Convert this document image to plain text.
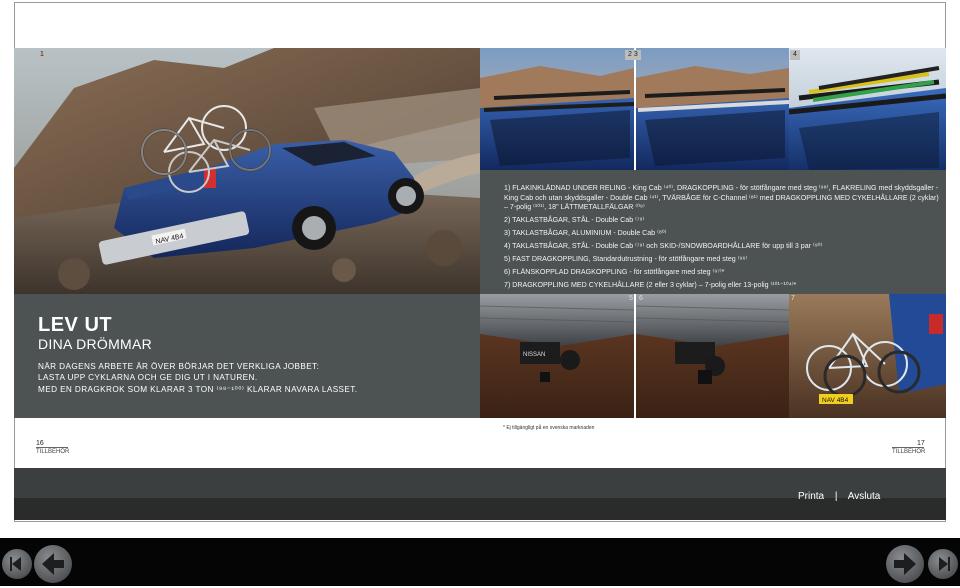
NAV 4B4
1	2 3	4
1) FLAKINKLÄDNAD UNDER RELING - King Cab ⁽⁴⁰⁾, DRAGKOPPLING - för stötfångare med steg ⁽⁹⁸⁾, FLAKRELING med skyddsgaller - King Cab och utan skyddsgaller - Double Cab ⁽⁴¹⁾, TVÄRBÅGE för C-Channel ⁽⁸¹⁾ med DRAGKOPPLING MED CYKELHÅLLARE (2 cyklar) – 7-polig ⁽¹⁰¹⁾, 18" LÄTTMETALLFÄLGAR ⁽⁰⁹⁾
2) TAKLASTBÅGAR, STÅL - Double Cab ⁽⁷⁹⁾
3) TAKLASTBÅGAR, ALUMINIUM - Double Cab ⁽⁸⁰⁾
4) TAKLASTBÅGAR, STÅL - Double Cab ⁽⁷⁹⁾ och SKID-/SNOWBOARDHÅLLARE för upp till 3 par ⁽⁹⁰⁾
5) FAST DRAGKOPPLING, Standardutrustning - för stötfångare med steg ⁽⁹⁶⁾
6) FLÄNSKOPPLAD DRAGKOPPLING - för stötfångare med steg ⁽⁹⁷⁾*
7) DRAGKOPPLING MED CYKELHÅLLARE (2 eller 3 cyklar) – 7-polig eller 13-polig ⁽¹⁰¹⁻¹⁰⁴⁾*
LEV UT
DINA DRÖMMAR
NÄR DAGENS ARBETE ÄR ÖVER BÖRJAR DET VERKLIGA JOBBET:
LASTA UPP CYKLARNA OCH GE DIG UT I NATUREN.
MED EN DRAGKROK SOM KLARAR 3 TON ⁽⁹⁸⁻¹⁰⁰⁾ KLARAR NAVARA LASSET.
NISSAN
5 6
NAV 4B4
7
* Ej tillgängligt på en svenska marknaden
16
TILLBEHÖR
17
TILLBEHÖR
Printa | Avsluta
